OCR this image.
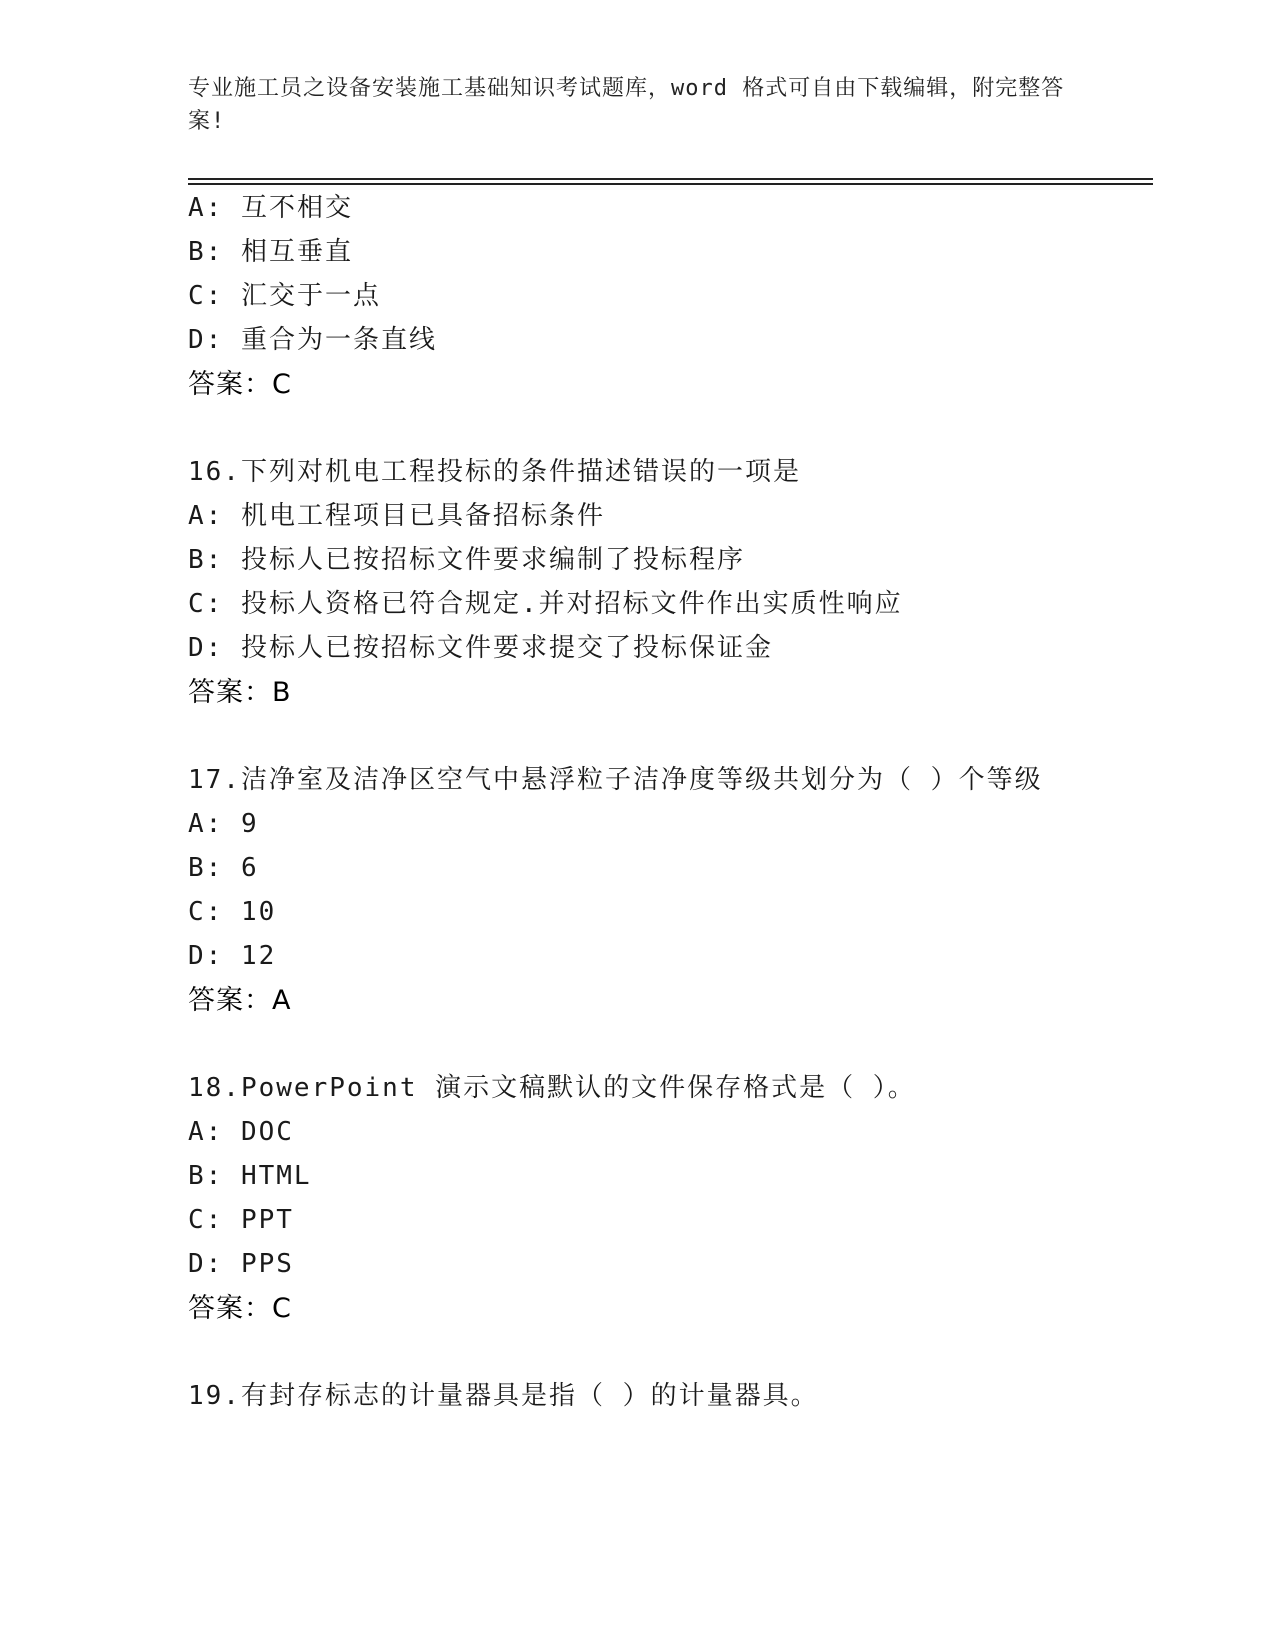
专业施工员之设备安装施工基础知识考试题库，word 格式可自由下载编辑，附完整答案!
A: 互不相交
B: 相互垂直
C: 汇交于一点
D: 重合为一条直线
答案：C
16.下列对机电工程投标的条件描述错误的一项是
A: 机电工程项目已具备招标条件
B: 投标人已按招标文件要求编制了投标程序
C: 投标人资格已符合规定.并对招标文件作出实质性响应
D: 投标人已按招标文件要求提交了投标保证金
答案：B
17.洁净室及洁净区空气中悬浮粒子洁净度等级共划分为（ ）个等级
A: 9
B: 6
C: 10
D: 12
答案：A
18.PowerPoint 演示文稿默认的文件保存格式是（ ）。
A: DOC
B: HTML
C: PPT
D: PPS
答案：C
19.有封存标志的计量器具是指（ ）的计量器具。
